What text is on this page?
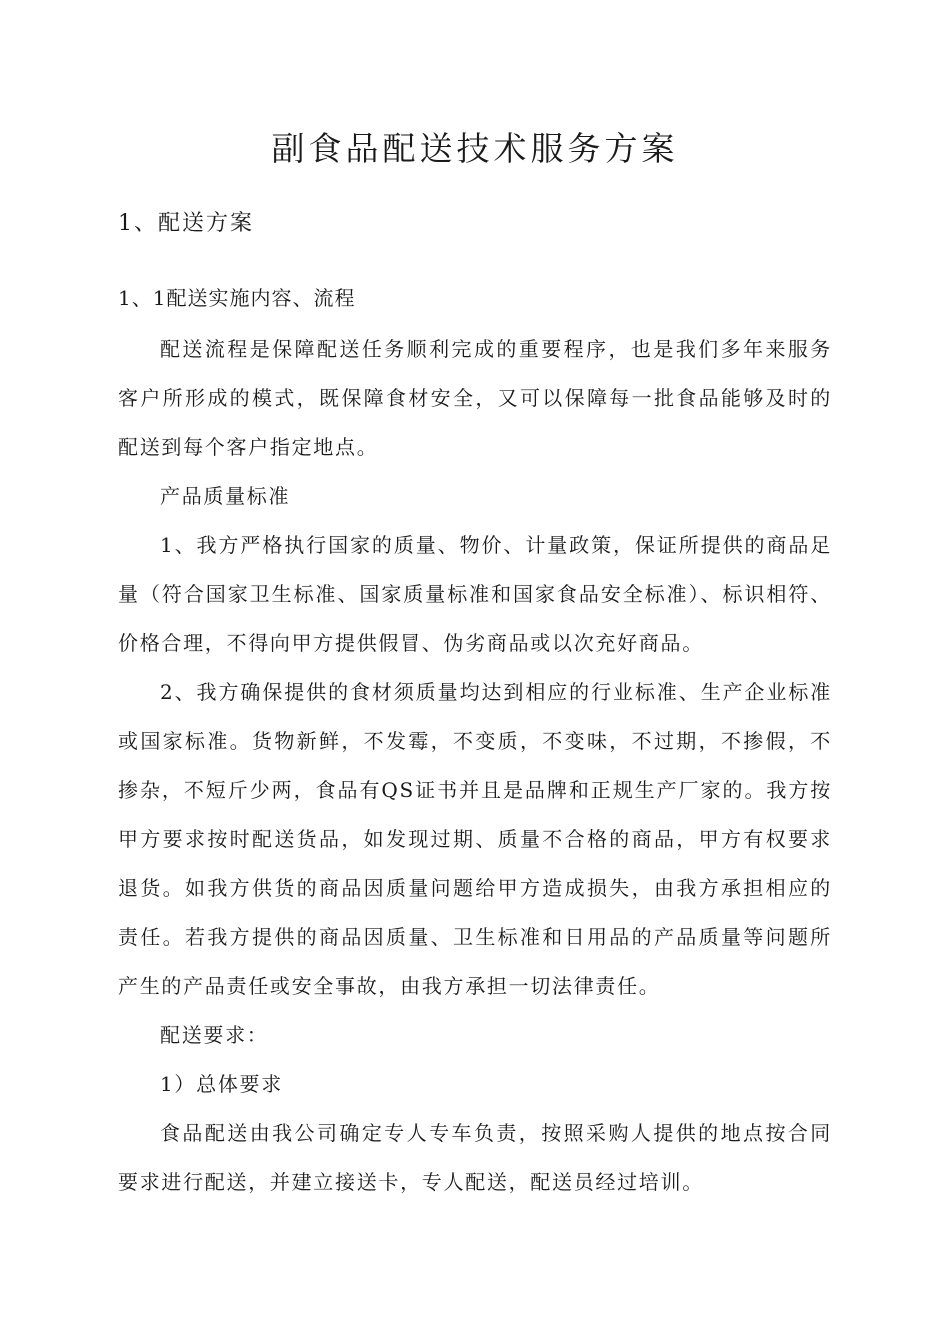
副食品配送技术服务方案
1、配送方案
1、1配送实施内容、流程

配送流程是保障配送任务顺利完成的重要程序，也是我们多年来服务客户所形成的模式，既保障食材安全，又可以保障每一批食品能够及时的配送到每个客户指定地点。

产品质量标准

1、我方严格执行国家的质量、物价、计量政策，保证所提供的商品足量（符合国家卫生标准、国家质量标准和国家食品安全标准）、标识相符、价格合理，不得向甲方提供假冒、伪劣商品或以次充好商品。

2、我方确保提供的食材须质量均达到相应的行业标准、生产企业标准或国家标准。货物新鲜，不发霉，不变质，不变味，不过期，不掺假，不掺杂，不短斤少两，食品有QS证书并且是品牌和正规生产厂家的。我方按甲方要求按时配送货品，如发现过期、质量不合格的商品，甲方有权要求退货。如我方供货的商品因质量问题给甲方造成损失，由我方承担相应的责任。若我方提供的商品因质量、卫生标准和日用品的产品质量等问题所产生的产品责任或安全事故，由我方承担一切法律责任。

配送要求：

1）总体要求

食品配送由我公司确定专人专车负责，按照采购人提供的地点按合同要求进行配送，并建立接送卡，专人配送，配送员经过培训。
